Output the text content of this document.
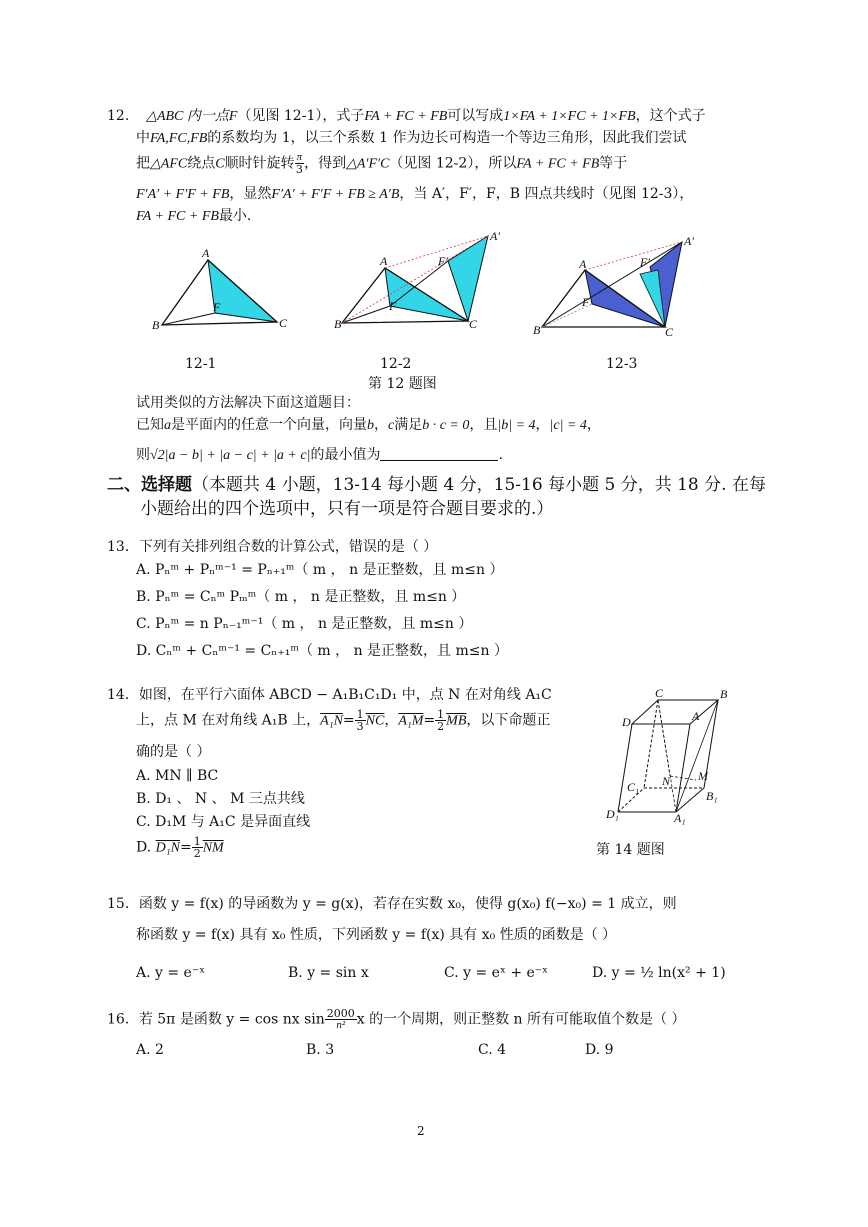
12. △ABC 内一点F（见图 12-1），式子FA + FC + FB可以写成1×FA + 1×FC + 1×FB，这个式子
中FA,FC,FB的系数均为 1，以三个系数 1 作为边长可构造一个等边三角形，因此我们尝试
把△AFC绕点C顺时针旋转 $\frac{\pi}{3}$ ，得到△A′F′C（见图 12-2），所以FA + FC + FB等于
F′A′ + F′F + FB，显然F′A′ + F′F + FB ≥ A′B，当 A′，F′，F，B 四点共线时（见图 12-3），
FA + FC + FB最小.
A
B	C
F
12-1
A
B	C
F
F′
A′
12-2
A
B	C
F
F′
A′
12-3
第 12 题图
试用类似的方法解决下面这道题目：
已知a是平面内的任意一个向量，向量b，c满足b · c = 0，且|b| = 4，|c| = 4，
则√2|a − b| + |a − c| + |a + c|的最小值为	.
二、选择题（本题共 4 小题，13-14 每小题 4 分，15-16 每小题 5 分，共 18 分. 在每
小题给出的四个选项中，只有一项是符合题目要求的.）
13．下列有关排列组合数的计算公式，错误的是（ ）
A. Pₙᵐ + Pₙᵐ⁻¹ = Pₙ₊₁ᵐ（ m ， n 是正整数，且 m≤n ）
B. Pₙᵐ = Cₙᵐ Pₘᵐ（ m ， n 是正整数，且 m≤n ）
C. Pₙᵐ = n Pₙ₋₁ᵐ⁻¹（ m ， n 是正整数，且 m≤n ）
D. Cₙᵐ + Cₙᵐ⁻¹ = Cₙ₊₁ᵐ（ m ， n 是正整数，且 m≤n ）
14．如图，在平行六面体 ABCD − A₁B₁C₁D₁ 中，点 N 在对角线 A₁C
上，点 M 在对角线 A₁B 上，$A_1N= \frac{1}{3} \overline{NC}$，$A_1M= \frac{1}{2} \overline{MB}$，以下命题正
确的是（ ）
A. MN ∥ BC
B. D₁ 、 N 、 M 三点共线
C. D₁M 与 A₁C 是异面直线
D. $D_1N= \frac{1}{2} \overline{NM}$
C	B
D	A
C₁ N M
B₁
D₁	A₁
第 14 题图
15．函数 y = f(x) 的导函数为 y = g(x)，若存在实数 x₀，使得 g(x₀) f(−x₀) = 1 成立，则
称函数 y = f(x) 具有 x₀ 性质，下列函数 y = f(x) 具有 x₀ 性质的函数是（ ）
A. y = e⁻ˣ	B. y = sin x	C. y = eˣ + e⁻ˣ	D. y = ½ ln(x² + 1)
16．若 5π 是函数 y = cos nx $\sin \frac{2000}{\text{n²}}$ x 的一个周期，则正整数 n 所有可能取值个数是（ ）
A. 2	B. 3	C. 4	D. 9
2
